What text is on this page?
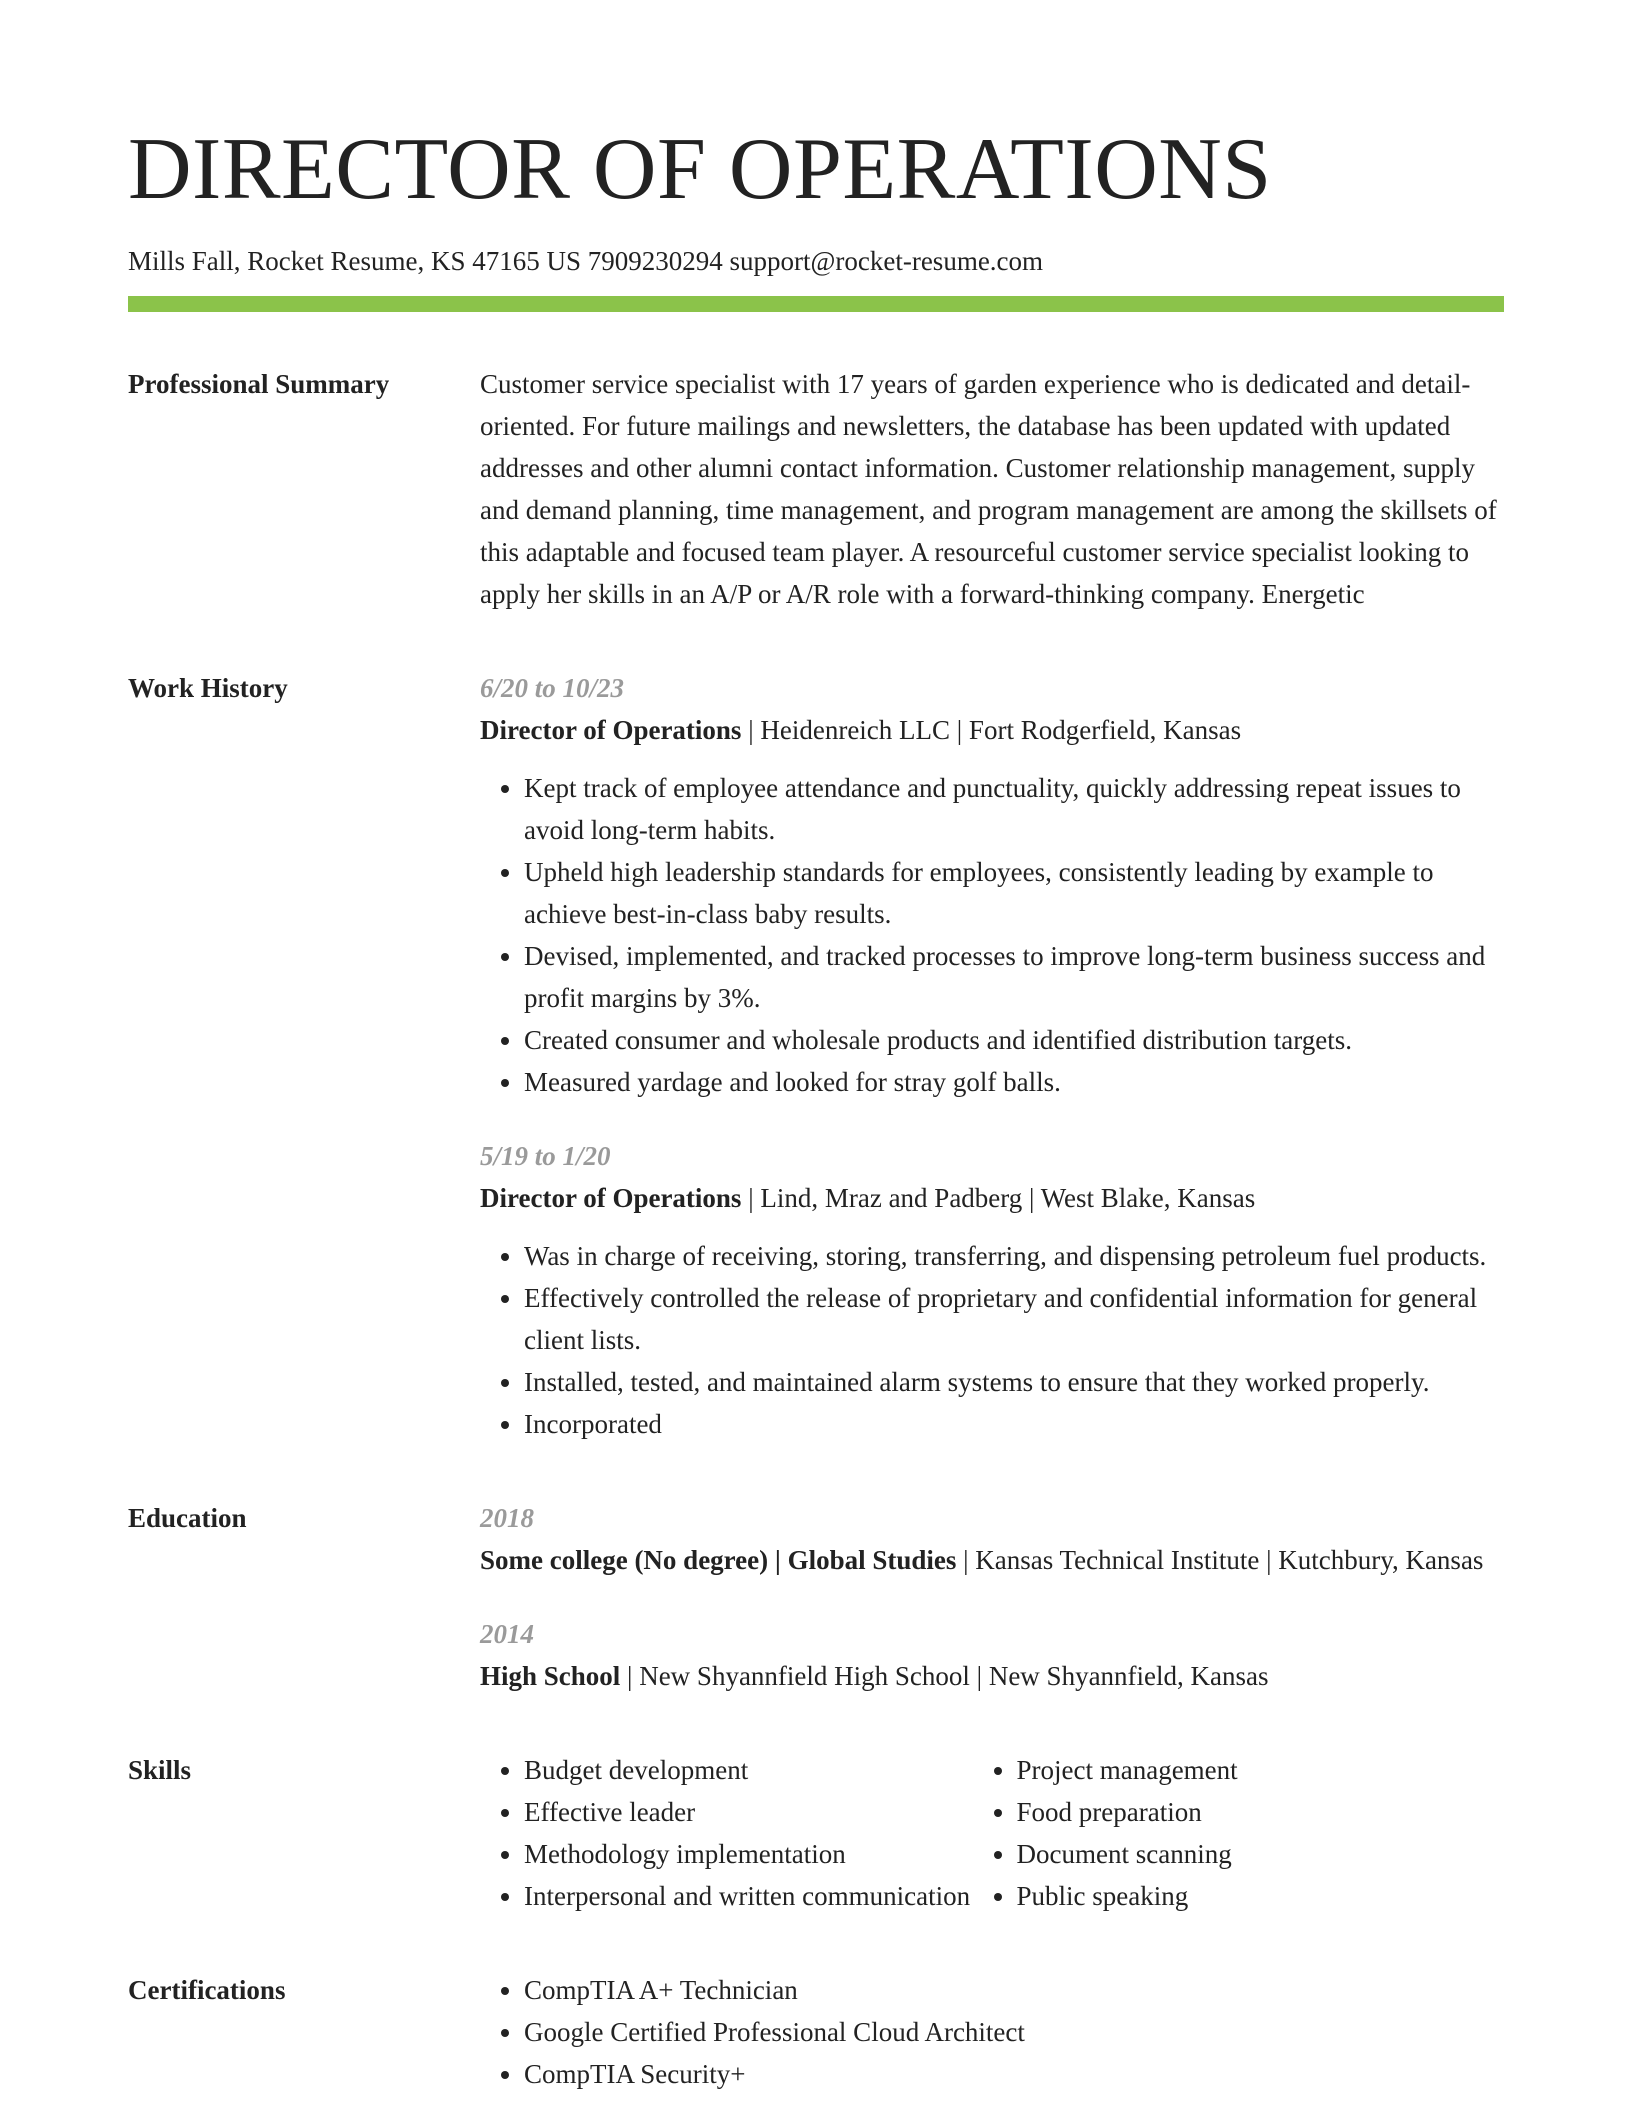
DIRECTOR OF OPERATIONS
Mills Fall, Rocket Resume, KS 47165 US 7909230294 support@rocket-resume.com
Professional Summary	Customer service specialist with 17 years of garden experience who is dedicated and detail-oriented. For future mailings and newsletters, the database has been updated with updated addresses and other alumni contact information. Customer relationship management, supply and demand planning, time management, and program management are among the skillsets of this adaptable and focused team player. A resourceful customer service specialist looking to apply her skills in an A/P or A/R role with a forward-thinking company. Energetic

Work History	6/20 to 10/23
Director of Operations | Heidenreich LLC | Fort Rodgerfield, Kansas
• Kept track of employee attendance and punctuality, quickly addressing repeat issues to avoid long-term habits.
• Upheld high leadership standards for employees, consistently leading by example to achieve best-in-class baby results.
• Devised, implemented, and tracked processes to improve long-term business success and profit margins by 3%.
• Created consumer and wholesale products and identified distribution targets.
• Measured yardage and looked for stray golf balls.
5/19 to 1/20
Director of Operations | Lind, Mraz and Padberg | West Blake, Kansas
• Was in charge of receiving, storing, transferring, and dispensing petroleum fuel products.
• Effectively controlled the release of proprietary and confidential information for general client lists.
• Installed, tested, and maintained alarm systems to ensure that they worked properly.
• Incorporated
Education	2018
Some college (No degree) | Global Studies | Kansas Technical Institute | Kutchbury, Kansas
2014
High School | New Shyannfield High School | New Shyannfield, Kansas
Skills	• Budget development
• Effective leader
• Methodology implementation
• Interpersonal and written communication
• Project management
• Food preparation
• Document scanning
• Public speaking
Certifications	• CompTIA A+ Technician
• Google Certified Professional Cloud Architect
• CompTIA Security+
